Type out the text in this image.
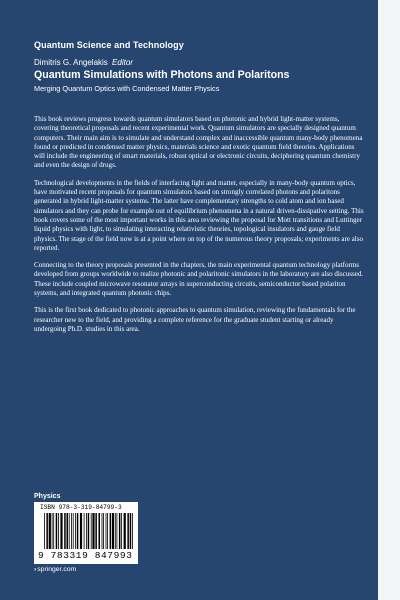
Quantum Science and Technology
Dimitris G. Angelakis Editor
Quantum Simulations with Photons and Polaritons
Merging Quantum Optics with Condensed Matter Physics

This book reviews progress towards quantum simulators based on photonic and hybrid light-matter systems, covering theoretical proposals and recent experimental work. Quantum simulators are specially designed quantum computers. Their main aim is to simulate and understand complex and inaccessible quantum many-body phenomena found or predicted in condensed matter physics, materials science and exotic quantum field theories. Applications will include the engineering of smart materials, robust optical or electronic circuits, deciphering quantum chemistry and even the design of drugs.

Technological developments in the fields of interfacing light and matter, especially in many-body quantum optics, have motivated recent proposals for quantum simulators based on strongly correlated photons and polaritons generated in hybrid light-matter systems. The latter have complementary strengths to cold atom and ion based simulators and they can probe for example out of equilibrium phenomena in a natural driven-dissipative setting. This book covers some of the most important works in this area reviewing the proposal for Mott transitions and Luttinger liquid physics with light, to simulating interacting relativistic theories, topological insulators and gauge field physics. The stage of the field now is at a point where on top of the numerous theory proposals; experiments are also reported.

Connecting to the theory proposals presented in the chapters, the main experimental quantum technology platforms developed from groups worldwide to realize photonic and polaritonic simulators in the laboratory are also discussed. These include coupled microwave resonator arrays in superconducting circuits, semiconductor based polariton systems, and integrated quantum photonic chips.

This is the first book dedicated to photonic approaches to quantum simulation, reviewing the fundamentals for the researcher new to the field, and providing a complete reference for the graduate student starting or already undergoing Ph.D. studies in this area.

Physics
ISBN 978-3-319-84799-3
9 783319 847993
›springer.com
